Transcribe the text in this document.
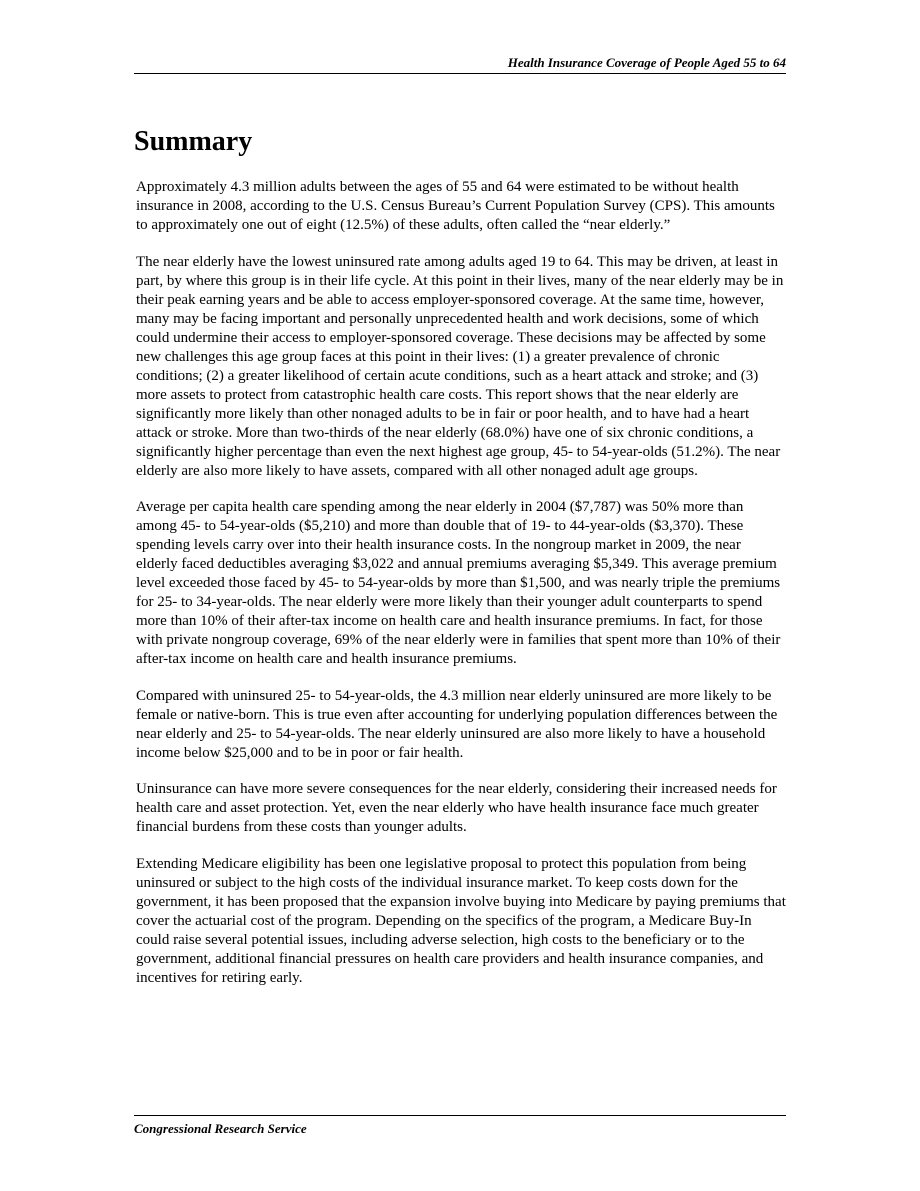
Health Insurance Coverage of People Aged 55 to 64
Summary

Approximately 4.3 million adults between the ages of 55 and 64 were estimated to be without health insurance in 2008, according to the U.S. Census Bureau’s Current Population Survey (CPS). This amounts to approximately one out of eight (12.5%) of these adults, often called the “near elderly.”

The near elderly have the lowest uninsured rate among adults aged 19 to 64. This may be driven, at least in part, by where this group is in their life cycle. At this point in their lives, many of the near elderly may be in their peak earning years and be able to access employer-sponsored coverage. At the same time, however, many may be facing important and personally unprecedented health and work decisions, some of which could undermine their access to employer-sponsored coverage. These decisions may be affected by some new challenges this age group faces at this point in their lives: (1) a greater prevalence of chronic conditions; (2) a greater likelihood of certain acute conditions, such as a heart attack and stroke; and (3) more assets to protect from catastrophic health care costs. This report shows that the near elderly are significantly more likely than other nonaged adults to be in fair or poor health, and to have had a heart attack or stroke. More than two-thirds of the near elderly (68.0%) have one of six chronic conditions, a significantly higher percentage than even the next highest age group, 45- to 54-year-olds (51.2%). The near elderly are also more likely to have assets, compared with all other nonaged adult age groups.

Average per capita health care spending among the near elderly in 2004 ($7,787) was 50% more than among 45- to 54-year-olds ($5,210) and more than double that of 19- to 44-year-olds ($3,370). These spending levels carry over into their health insurance costs. In the nongroup market in 2009, the near elderly faced deductibles averaging $3,022 and annual premiums averaging $5,349. This average premium level exceeded those faced by 45- to 54-year-olds by more than $1,500, and was nearly triple the premiums for 25- to 34-year-olds. The near elderly were more likely than their younger adult counterparts to spend more than 10% of their after-tax income on health care and health insurance premiums. In fact, for those with private nongroup coverage, 69% of the near elderly were in families that spent more than 10% of their after-tax income on health care and health insurance premiums.

Compared with uninsured 25- to 54-year-olds, the 4.3 million near elderly uninsured are more likely to be female or native-born. This is true even after accounting for underlying population differences between the near elderly and 25- to 54-year-olds. The near elderly uninsured are also more likely to have a household income below $25,000 and to be in poor or fair health.

Uninsurance can have more severe consequences for the near elderly, considering their increased needs for health care and asset protection. Yet, even the near elderly who have health insurance face much greater financial burdens from these costs than younger adults.

Extending Medicare eligibility has been one legislative proposal to protect this population from being uninsured or subject to the high costs of the individual insurance market. To keep costs down for the government, it has been proposed that the expansion involve buying into Medicare by paying premiums that cover the actuarial cost of the program. Depending on the specifics of the program, a Medicare Buy-In could raise several potential issues, including adverse selection, high costs to the beneficiary or to the government, additional financial pressures on health care providers and health insurance companies, and incentives for retiring early.

Congressional Research Service
